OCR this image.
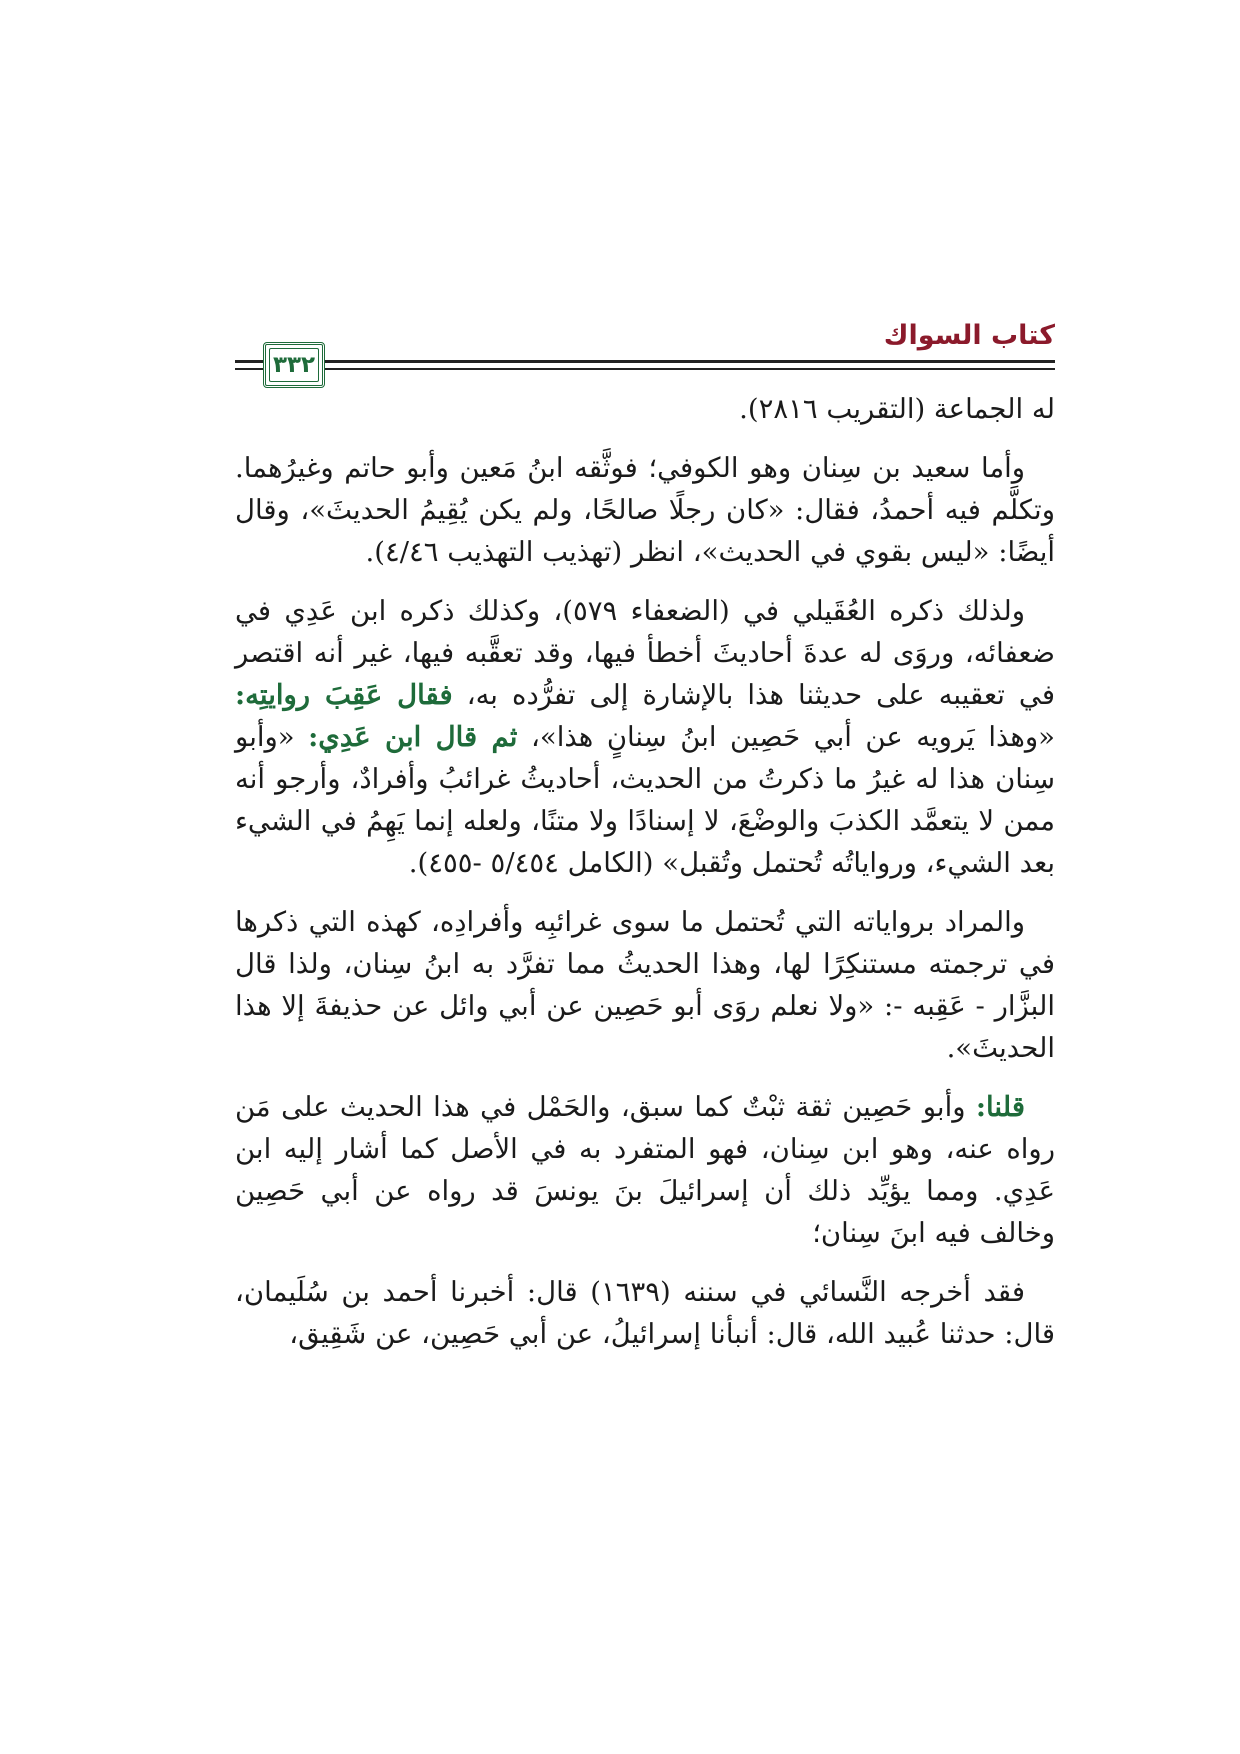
كتاب السواك
٣٣٢

له الجماعة (التقريب ٢٨١٦).

وأما سعيد بن سِنان وهو الكوفي؛ فوثَّقه ابنُ مَعين وأبو حاتم وغيرُهما. وتكلَّم فيه أحمدُ، فقال: «كان رجلًا صالحًا، ولم يكن يُقِيمُ الحديثَ»، وقال أيضًا: «ليس بقوي في الحديث»، انظر (تهذيب التهذيب ٤/٤٦).

ولذلك ذكره العُقَيلي في (الضعفاء ٥٧٩)، وكذلك ذكره ابن عَدِي في ضعفائه، وروَى له عدةَ أحاديثَ أخطأ فيها، وقد تعقَّبه فيها، غير أنه اقتصر في تعقيبه على حديثنا هذا بالإشارة إلى تفرُّده به، فقال عَقِبَ روايتِه: «وهذا يَرويه عن أبي حَصِين ابنُ سِنانٍ هذا»، ثم قال ابن عَدِي: «وأبو سِنان هذا له غيرُ ما ذكرتُ من الحديث، أحاديثُ غرائبُ وأفرادٌ، وأرجو أنه ممن لا يتعمَّد الكذبَ والوضْعَ، لا إسنادًا ولا متنًا، ولعله إنما يَهِمُ في الشيء بعد الشيء، ورواياتُه تُحتمل وتُقبل» (الكامل ٥/٤٥٤ -٤٥٥).

والمراد برواياته التي تُحتمل ما سوى غرائبِه وأفرادِه، كهذه التي ذكرها في ترجمته مستنكِرًا لها، وهذا الحديثُ مما تفرَّد به ابنُ سِنان، ولذا قال البزَّار - عَقِبه -: «ولا نعلم روَى أبو حَصِين عن أبي وائل عن حذيفةَ إلا هذا الحديثَ».

قلنا: وأبو حَصِين ثقة ثبْتٌ كما سبق، والحَمْل في هذا الحديث على مَن رواه عنه، وهو ابن سِنان، فهو المتفرد به في الأصل كما أشار إليه ابن عَدِي. ومما يؤيِّد ذلك أن إسرائيلَ بنَ يونسَ قد رواه عن أبي حَصِين وخالف فيه ابنَ سِنان؛

فقد أخرجه النَّسائي في سننه (١٦٣٩) قال: أخبرنا أحمد بن سُلَيمان، قال: حدثنا عُبيد الله، قال: أنبأنا إسرائيلُ، عن أبي حَصِين، عن شَقِيق،
